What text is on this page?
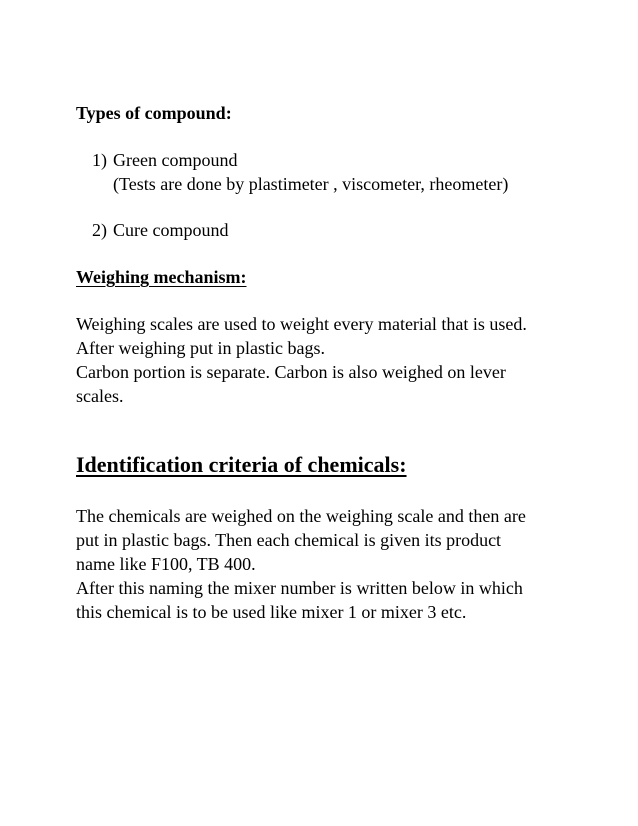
Types of compound:
1) Green compound
(Tests are done by plastimeter , viscometer, rheometer)
2) Cure compound
Weighing mechanism:
Weighing scales are used to weight every material that is used.
After weighing put in plastic bags.
Carbon portion is separate. Carbon is also weighed on lever
scales.
Identification criteria of chemicals:
The chemicals are weighed on the weighing scale and then are
put in plastic bags. Then each chemical is given its product
name like F100, TB 400.
After this naming the mixer number is written below in which
this chemical is to be used like mixer 1 or mixer 3 etc.
